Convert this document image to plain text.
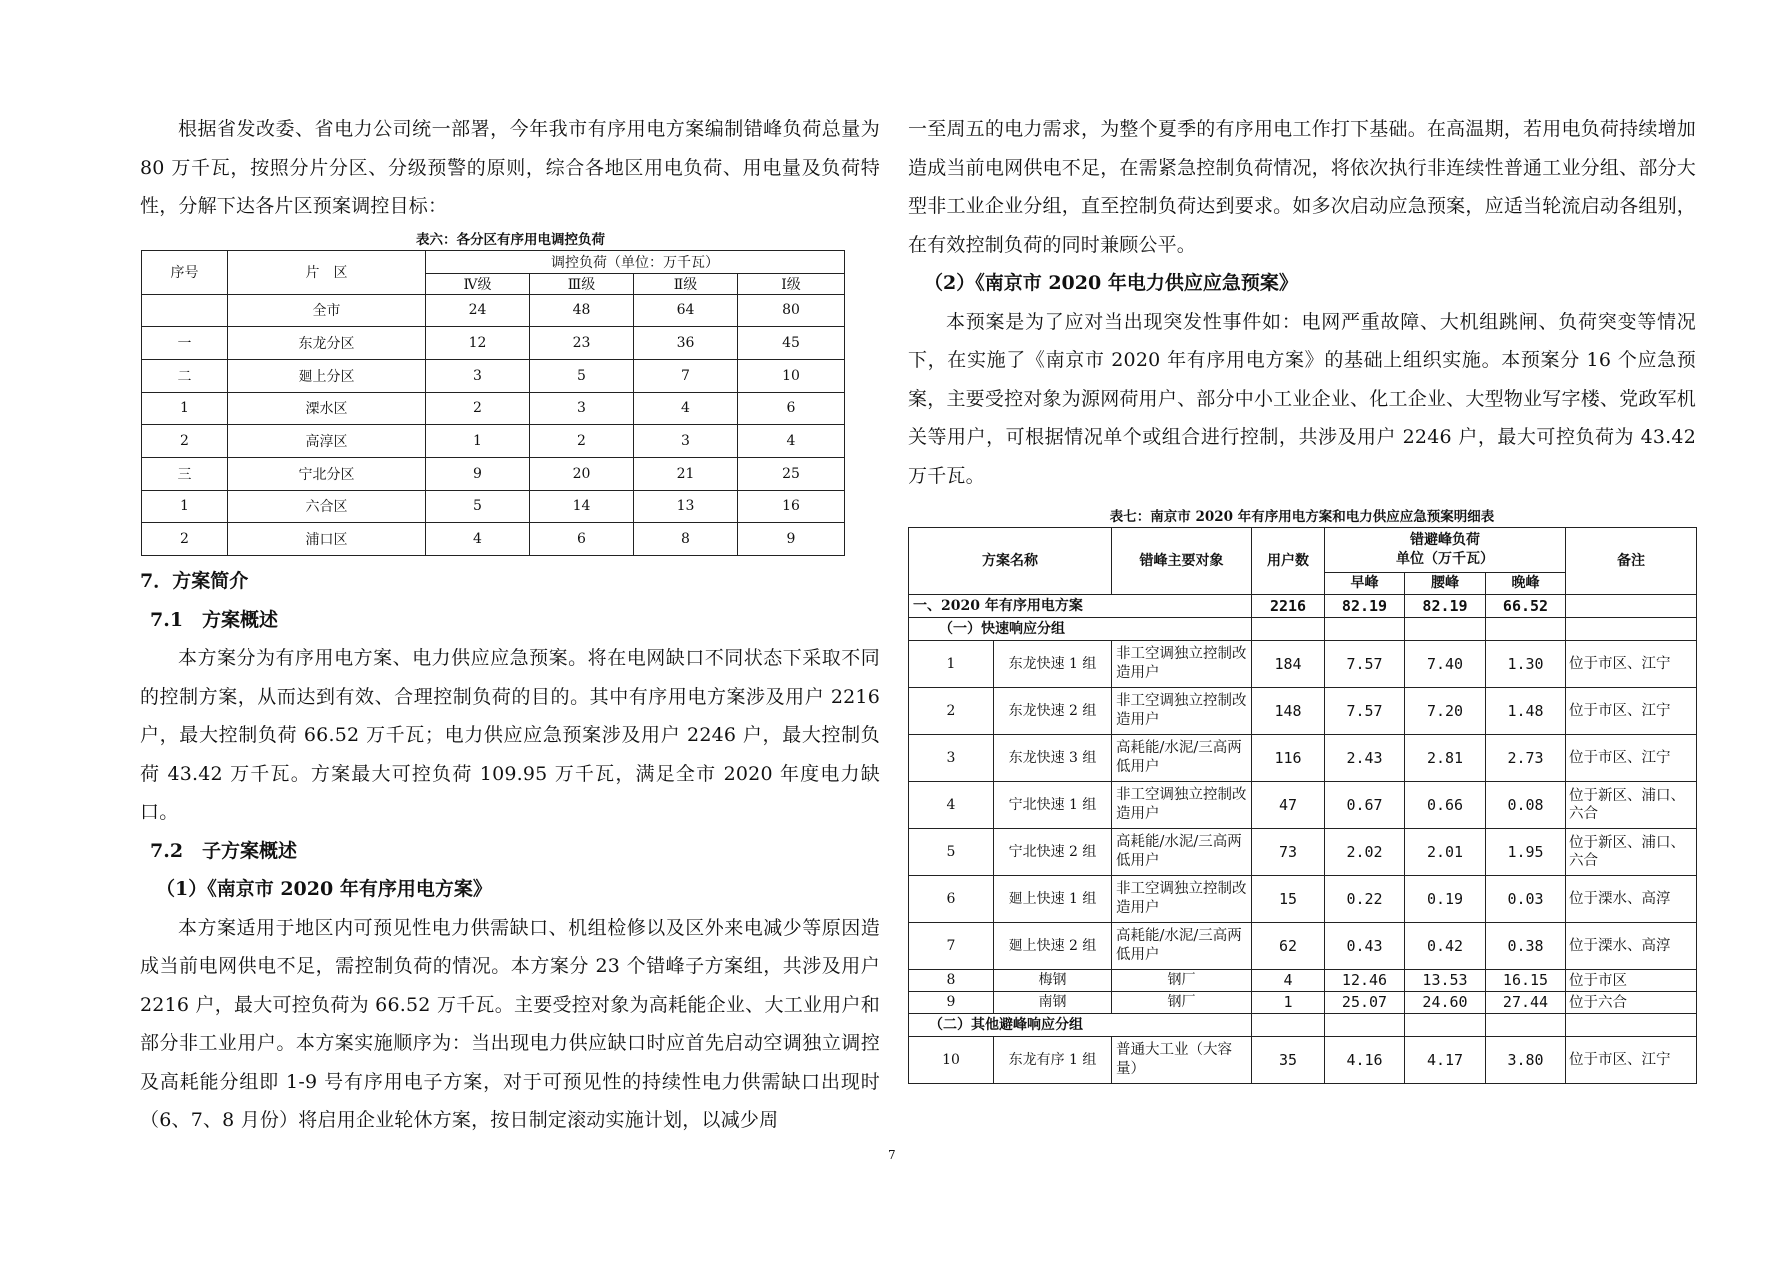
根据省发改委、省电力公司统一部署，今年我市有序用电方案编制错峰负荷总量为 80 万千瓦，按照分片分区、分级预警的原则，综合各地区用电负荷、用电量及负荷特性，分解下达各片区预案调控目标：

表六：各分区有序用电调控负荷

序号	片　区	调控负荷（单位：万千瓦）			
		Ⅳ级	Ⅲ级	Ⅱ级	Ⅰ级
	全市	24	48	64	80
一	东龙分区	12	23	36	45
二	廻上分区	3	5	7	10
1	溧水区	2	3	4	6
2	高淳区	1	2	3	4
三	宁北分区	9	20	21	25
1	六合区	5	14	13	16
2	浦口区	4	6	8	9
7．方案简介
7.1　方案概述

本方案分为有序用电方案、电力供应应急预案。将在电网缺口不同状态下采取不同的控制方案，从而达到有效、合理控制负荷的目的。其中有序用电方案涉及用户 2216 户，最大控制负荷 66.52 万千瓦；电力供应应急预案涉及用户 2246 户，最大控制负荷 43.42 万千瓦。方案最大可控负荷 109.95 万千瓦，满足全市 2020 年度电力缺口。

7.2　子方案概述
（1）《南京市 2020 年有序用电方案》

本方案适用于地区内可预见性电力供需缺口、机组检修以及区外来电减少等原因造成当前电网供电不足，需控制负荷的情况。本方案分 23 个错峰子方案组，共涉及用户 2216 户，最大可控负荷为 66.52 万千瓦。主要受控对象为高耗能企业、大工业用户和部分非工业用户。本方案实施顺序为：当出现电力供应缺口时应首先启动空调独立调控及高耗能分组即 1-9 号有序用电子方案，对于可预见性的持续性电力供需缺口出现时（6、7、8 月份）将启用企业轮休方案，按日制定滚动实施计划，以减少周

一至周五的电力需求，为整个夏季的有序用电工作打下基础。在高温期，若用电负荷持续增加造成当前电网供电不足，在需紧急控制负荷情况，将依次执行非连续性普通工业分组、部分大型非工业企业分组，直至控制负荷达到要求。如多次启动应急预案，应适当轮流启动各组别，在有效控制负荷的同时兼顾公平。

（2）《南京市 2020 年电力供应应急预案》

本预案是为了应对当出现突发性事件如：电网严重故障、大机组跳闸、负荷突变等情况下，在实施了《南京市 2020 年有序用电方案》的基础上组织实施。本预案分 16 个应急预案，主要受控对象为源网荷用户、部分中小工业企业、化工企业、大型物业写字楼、党政军机关等用户，可根据情况单个或组合进行控制，共涉及用户 2246 户，最大可控负荷为 43.42 万千瓦。

表七：南京市 2020 年有序用电方案和电力供应应急预案明细表

方案名称		错峰主要对象	用户数	错避峰负荷
单位（万千瓦）			备注
				早峰	腰峰	晚峰	
一、2020 年有序用电方案			2216	82.19	82.19	66.52	
（一）快速响应分组							
1	东龙快速 1 组	非工空调独立控制改造用户	184	7.57	7.40	1.30	位于市区、江宁
2	东龙快速 2 组	非工空调独立控制改造用户	148	7.57	7.20	1.48	位于市区、江宁
3	东龙快速 3 组	高耗能/水泥/三高两低用户	116	2.43	2.81	2.73	位于市区、江宁
4	宁北快速 1 组	非工空调独立控制改造用户	47	0.67	0.66	0.08	位于新区、浦口、六合
5	宁北快速 2 组	高耗能/水泥/三高两低用户	73	2.02	2.01	1.95	位于新区、浦口、六合
6	廻上快速 1 组	非工空调独立控制改造用户	15	0.22	0.19	0.03	位于溧水、高淳
7	廻上快速 2 组	高耗能/水泥/三高两低用户	62	0.43	0.42	0.38	位于溧水、高淳
8	梅钢	钢厂	4	12.46	13.53	16.15	位于市区
9	南钢	钢厂	1	25.07	24.60	27.44	位于六合
（二）其他避峰响应分组							
10	东龙有序 1 组	普通大工业（大容量）	35	4.16	4.17	3.80	位于市区、江宁
7
